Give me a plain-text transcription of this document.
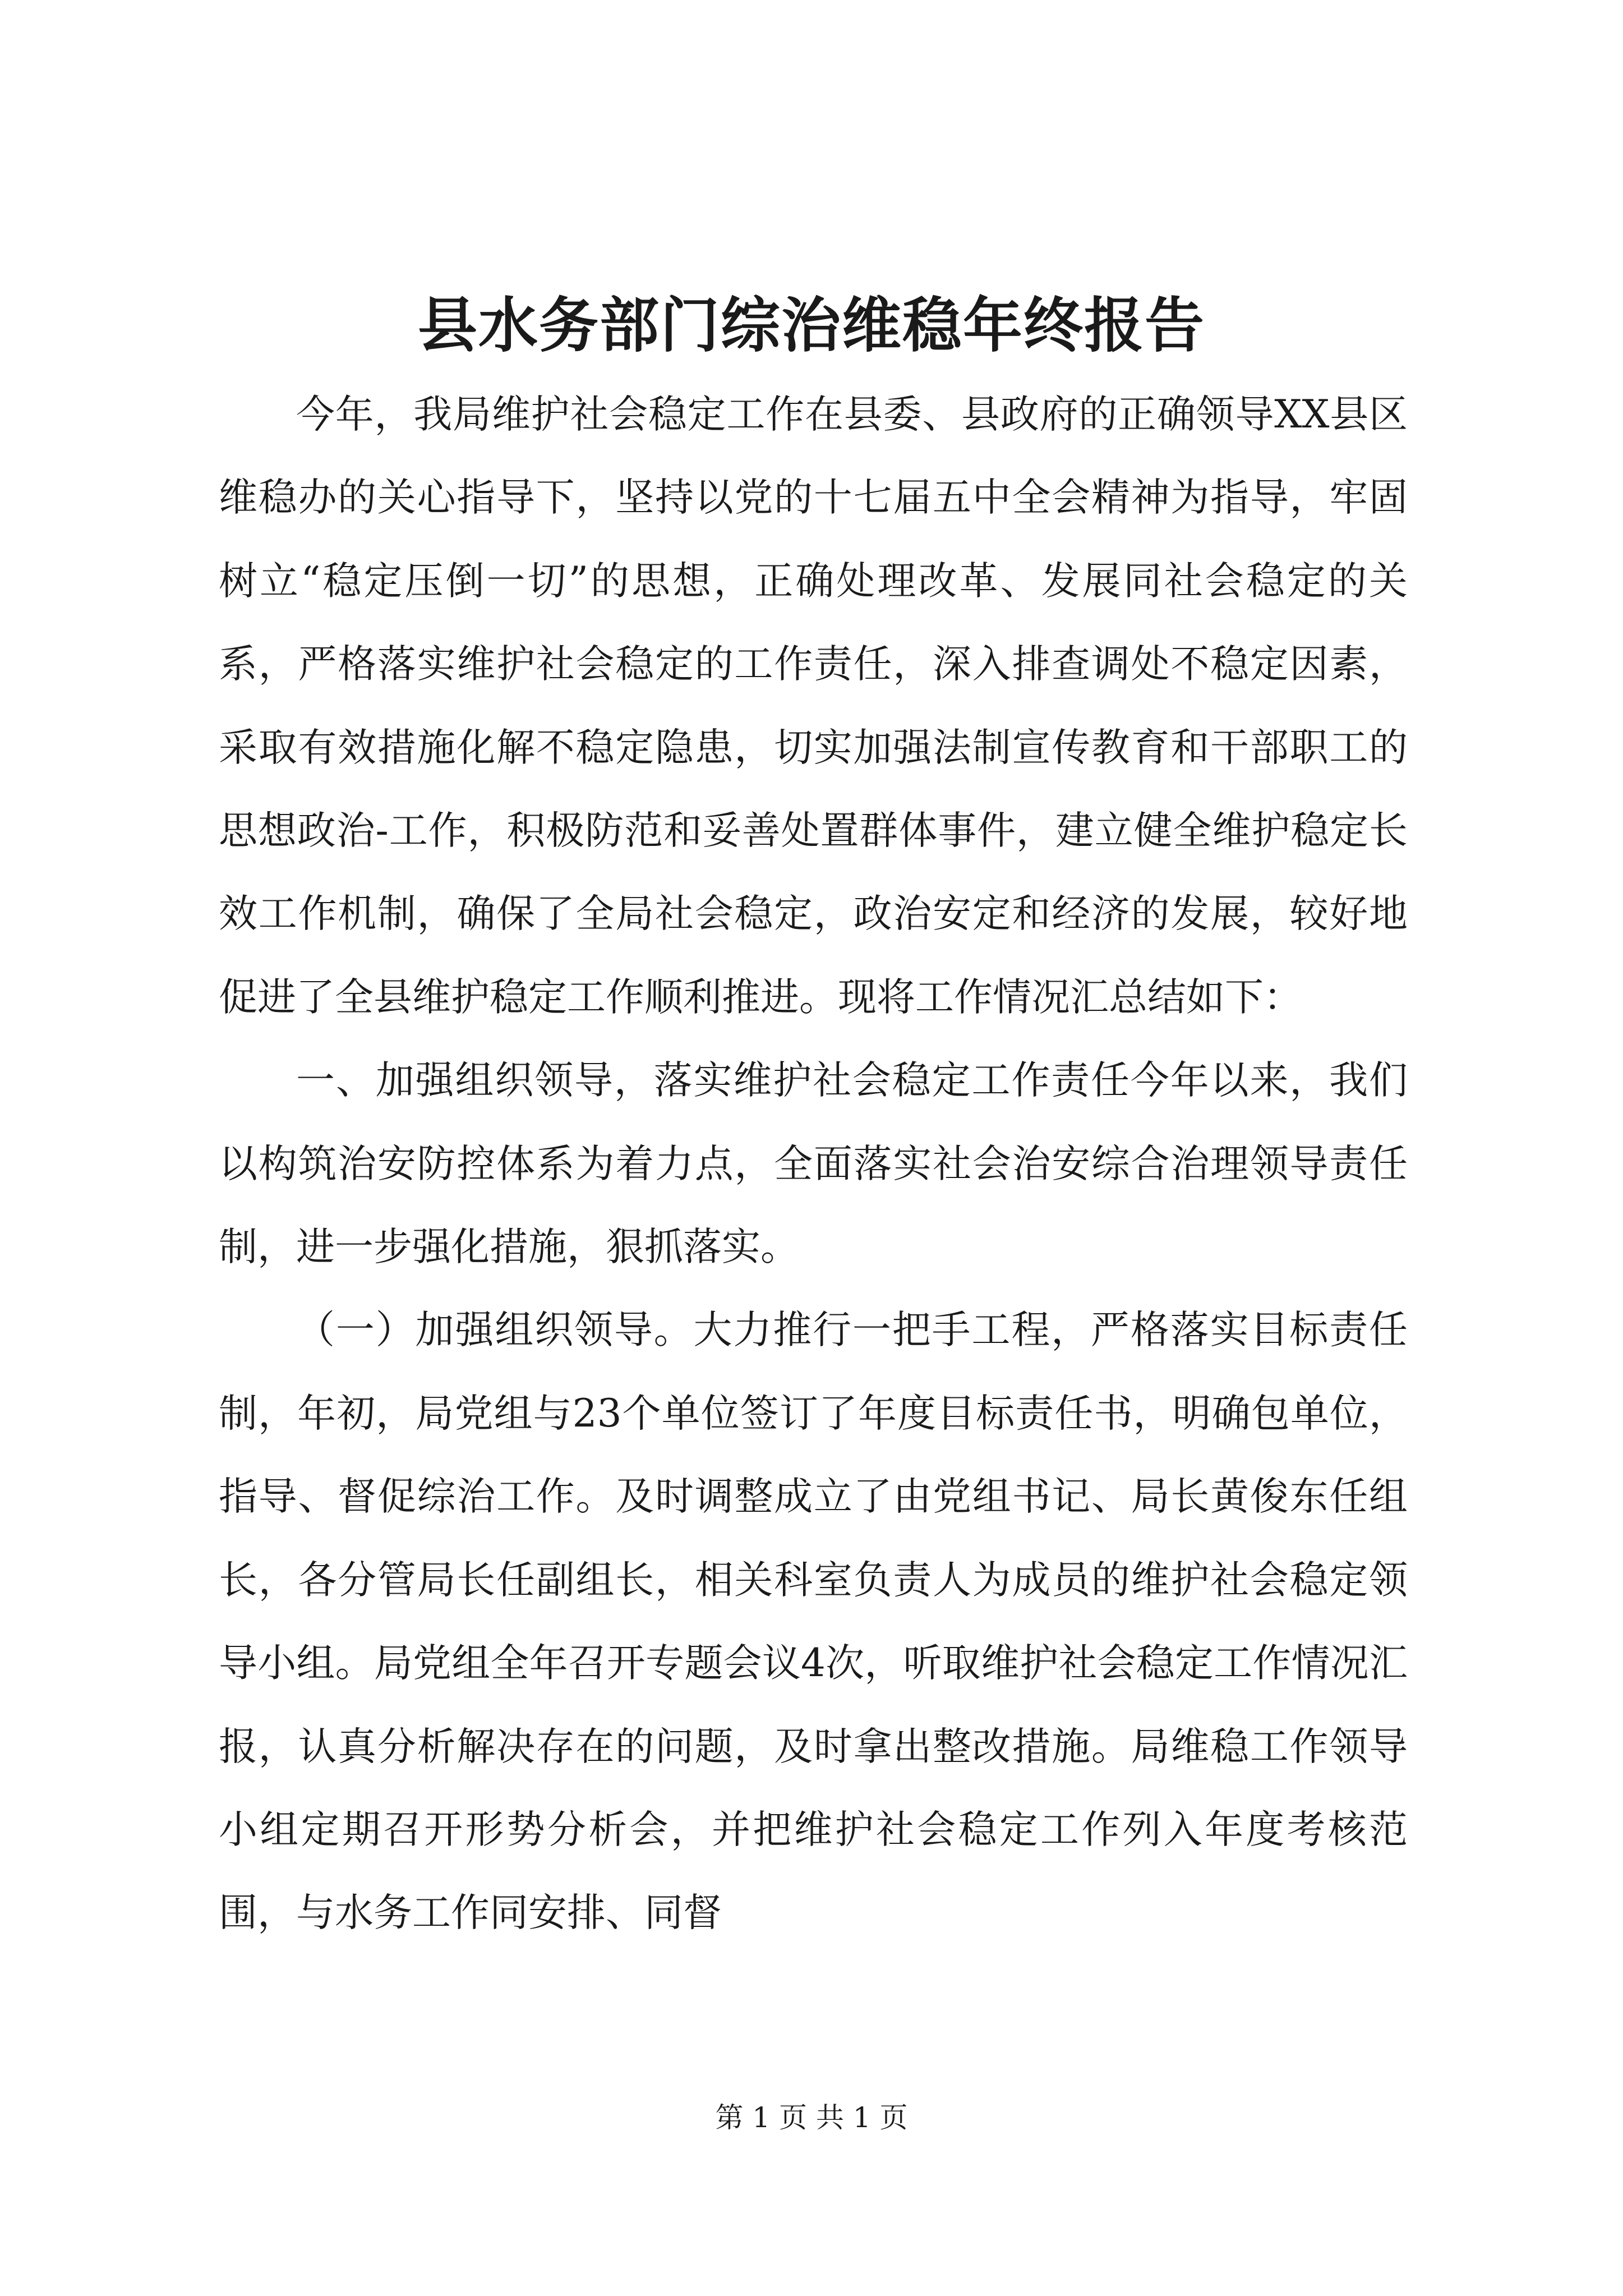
县水务部门综治维稳年终报告

今年，我局维护社会稳定工作在县委、县政府的正确领导XX县区维稳办的关心指导下，坚持以党的十七届五中全会精神为指导，牢固树立“稳定压倒一切”的思想，正确处理改革、发展同社会稳定的关系，严格落实维护社会稳定的工作责任，深入排查调处不稳定因素，采取有效措施化解不稳定隐患，切实加强法制宣传教育和干部职工的思想政治-工作，积极防范和妥善处置群体事件，建立健全维护稳定长效工作机制，确保了全局社会稳定，政治安定和经济的发展，较好地促进了全县维护稳定工作顺利推进。现将工作情况汇总结如下：

一、加强组织领导，落实维护社会稳定工作责任今年以来，我们以构筑治安防控体系为着力点，全面落实社会治安综合治理领导责任制，进一步强化措施，狠抓落实。

（一）加强组织领导。大力推行一把手工程，严格落实目标责任制，年初，局党组与23个单位签订了年度目标责任书，明确包单位，指导、督促综治工作。及时调整成立了由党组书记、局长黄俊东任组长，各分管局长任副组长，相关科室负责人为成员的维护社会稳定领导小组。局党组全年召开专题会议4次，听取维护社会稳定工作情况汇报，认真分析解决存在的问题，及时拿出整改措施。局维稳工作领导小组定期召开形势分析会，并把维护社会稳定工作列入年度考核范围，与水务工作同安排、同督

第 1 页 共 1 页
